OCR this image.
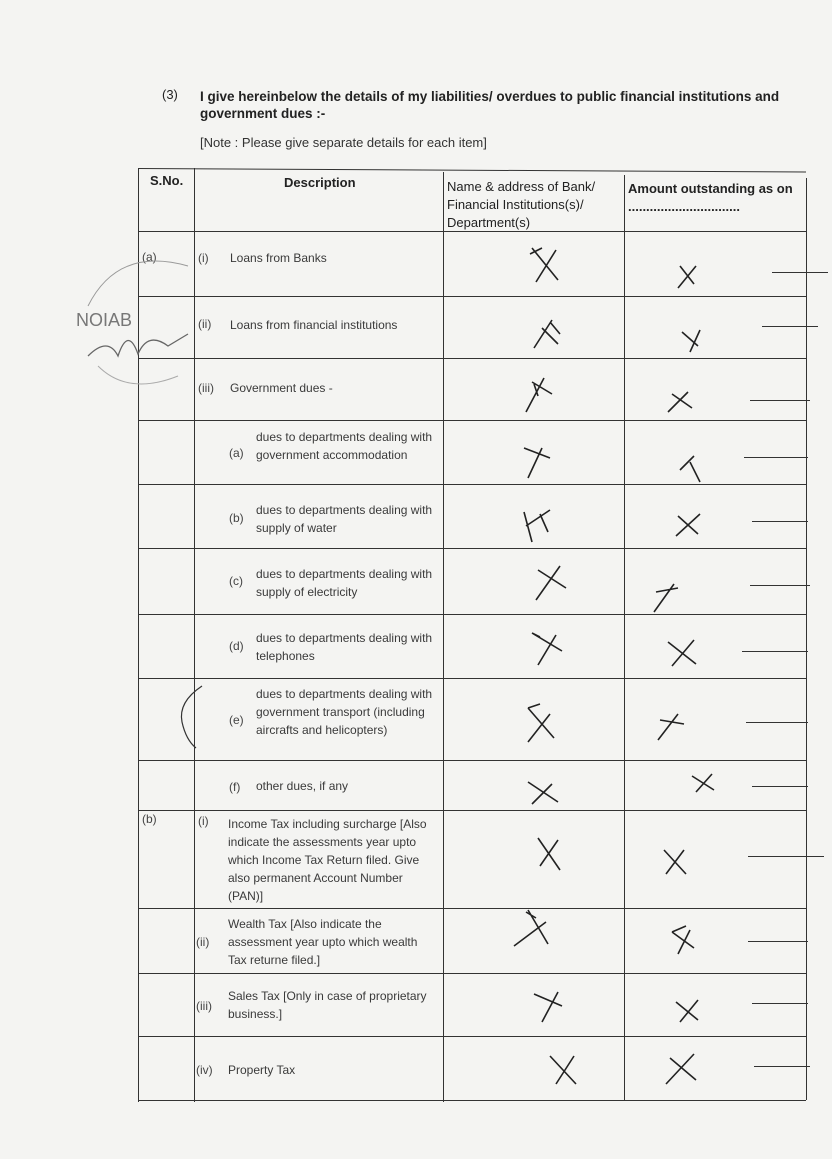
(3) I give hereinbelow the details of my liabilities/ overdues to public financial institutions and government dues :-
[Note : Please give separate details for each item]
S.No.	Description	Name & address of Bank/ Financial Institutions(s)/ Department(s)
Amount outstanding as on ...............................
(a)
(b)
(i) Loans from Banks
(ii) Loans from financial institutions
(iii) Government dues -
(a)
dues to departments dealing with government accommodation
(b)
dues to departments dealing with supply of water
(c) dues to departments dealing with supply of electricity
(d)
dues to departments dealing with telephones
(e)
dues to departments dealing with government transport (including aircrafts and helicopters)
(f) other dues, if any
(i) Income Tax including surcharge [Also indicate the assessments year upto which Income Tax Return filed. Give also permanent Account Number (PAN)]
(ii)
Wealth Tax [Also indicate the assessment year upto which wealth Tax returne filed.]
(iii)
Sales Tax [Only in case of proprietary business.]
(iv) Property Tax
NOIAB
